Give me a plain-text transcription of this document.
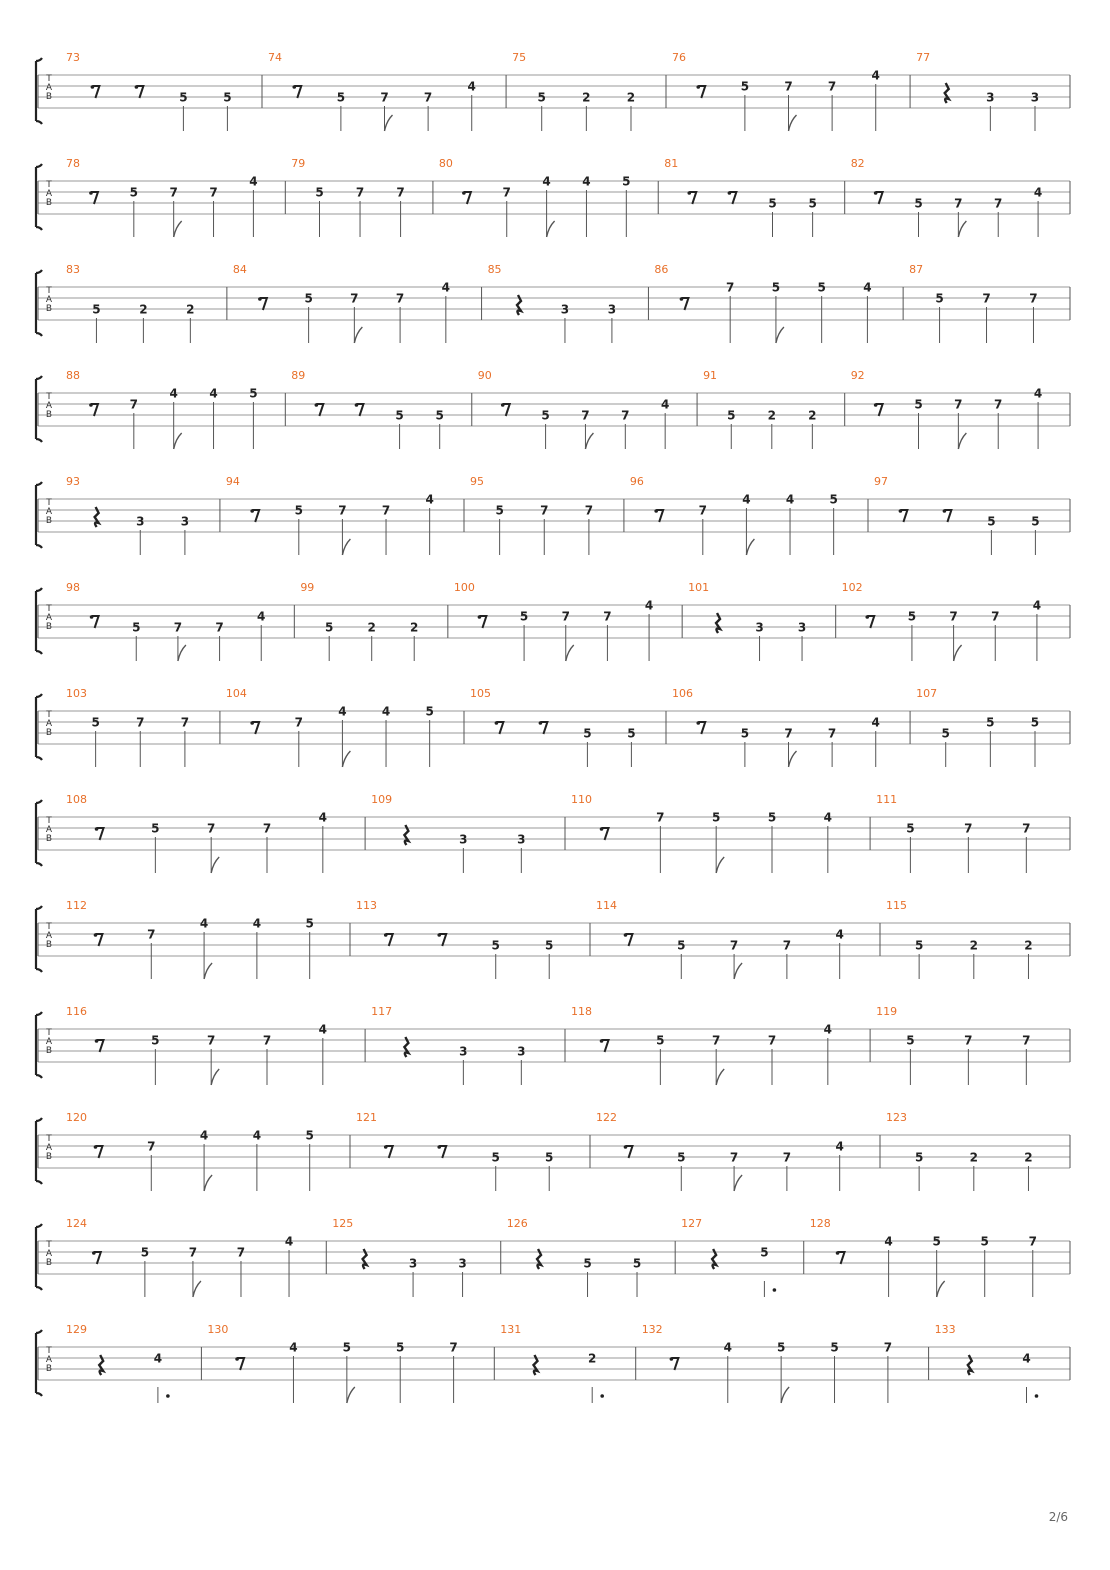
T
A
B
73
5	5
74
5	7	7
4
75
5	2	2
76
5	7	7
4
77
3	3
T
A
B
78
5	7	7
4
79
5	7	7
80
7
4	4	5
81
5	5
82
5	7	7
4
T
A
B
83
5	2	2
84
5	7	7
4
85
3	3
86
7	5	5	4
87
5	7	7
T
A
B
88
7
4	4	5
89
5	5
90
5	7	7
4
91
5	2	2
92
5	7	7
4
T
A
B
93
3	3
94
5	7	7
4
95
5	7	7
96
7
4	4	5
97
5	5
T
A
B
98
5	7	7
4
99
5	2	2
100
5	7	7
4
101
3	3
102
5	7	7
4
T
A
B
103
5	7	7
104
7
4	4	5
105
5	5
106
5	7	7
4
107
5
5	5
T
A
B
108
5	7	7
4
109
3	3
110
7	5	5	4
111
5	7	7
T
A
B
112
7
4	4	5
113
5	5
114
5	7	7
4
115
5	2	2
T
A
B
116
5	7	7
4
117
3	3
118
5	7	7
4
119
5	7	7
T
A
B
120
7
4	4	5
121
5	5
122
5	7	7
4
123
5	2	2
T
A
B
124
5	7	7
4
125
3	3
126
5	5
127
5
128
4	5	5	7
T
A
B
129
4
130
4	5	5	7
131
2
132
4	5	5	7
133
4
2/6
